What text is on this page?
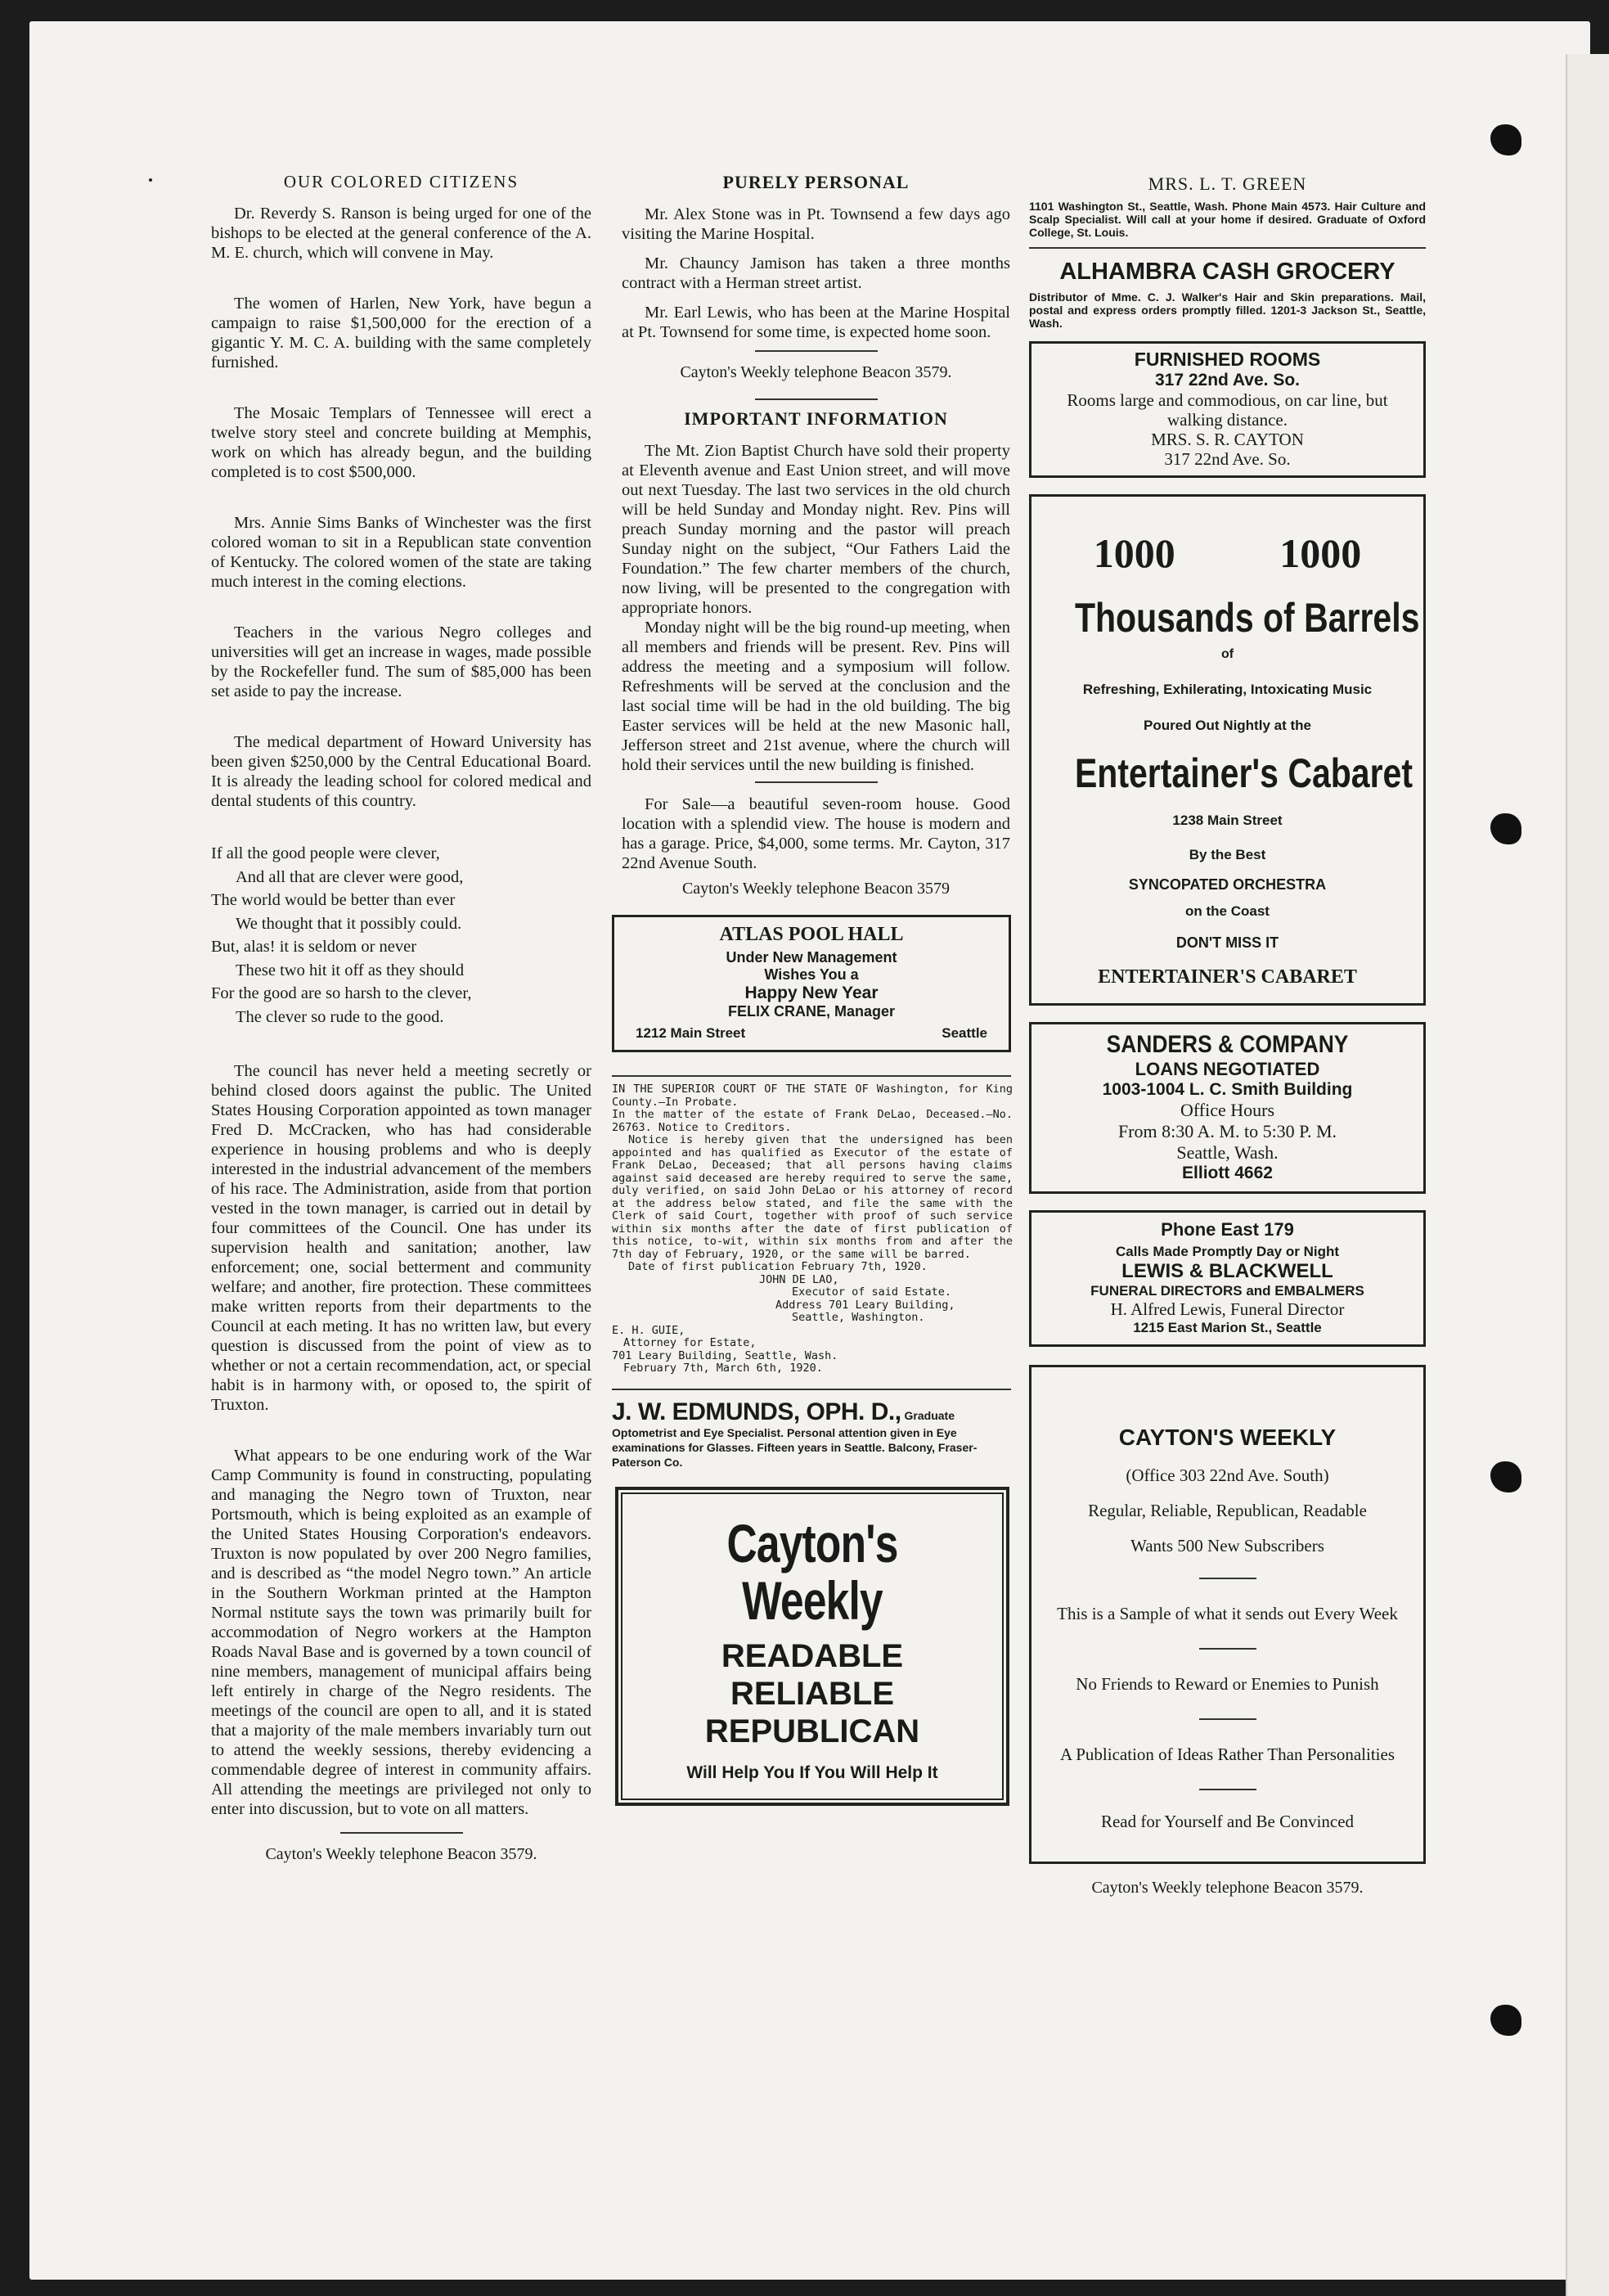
OUR COLORED CITIZENS

Dr. Reverdy S. Ranson is being urged for one of the bishops to be elected at the general conference of the A. M. E. church, which will convene in May.

The women of Harlen, New York, have begun a campaign to raise $1,500,000 for the erection of a gigantic Y. M. C. A. building with the same completely furnished.

The Mosaic Templars of Tennessee will erect a twelve story steel and concrete building at Memphis, work on which has already begun, and the building completed is to cost $500,000.

Mrs. Annie Sims Banks of Winchester was the first colored woman to sit in a Republican state convention of Kentucky. The colored women of the state are taking much interest in the coming elections.

Teachers in the various Negro colleges and universities will get an increase in wages, made possible by the Rockefeller fund. The sum of $85,000 has been set aside to pay the increase.

The medical department of Howard University has been given $250,000 by the Central Educational Board. It is already the leading school for colored medical and dental students of this country.

If all the good people were clever,
And all that are clever were good,
The world would be better than ever
We thought that it possibly could.
But, alas! it is seldom or never
These two hit it off as they should
For the good are so harsh to the clever,
The clever so rude to the good.

The council has never held a meeting secretly or behind closed doors against the public. The United States Housing Corporation appointed as town manager Fred D. McCracken, who has had considerable experience in housing problems and who is deeply interested in the industrial advancement of the members of his race. The Administration, aside from that portion vested in the town manager, is carried out in detail by four committees of the Council. One has under its supervision health and sanitation; another, law enforcement; one, social betterment and community welfare; and another, fire protection. These committees make written reports from their departments to the Council at each meting. It has no written law, but every question is discussed from the point of view as to whether or not a certain recommendation, act, or special habit is in harmony with, or oposed to, the spirit of Truxton.

What appears to be one enduring work of the War Camp Community is found in constructing, populating and managing the Negro town of Truxton, near Portsmouth, which is being exploited as an example of the United States Housing Corporation's endeavors. Truxton is now populated by over 200 Negro families, and is described as “the model Negro town.” An article in the Southern Workman printed at the Hampton Normal nstitute says the town was primarily built for accommodation of Negro workers at the Hampton Roads Naval Base and is governed by a town council of nine members, management of municipal affairs being left entirely in charge of the Negro residents. The meetings of the council are open to all, and it is stated that a majority of the male members invariably turn out to attend the weekly sessions, thereby evidencing a commendable degree of interest in community affairs. All attending the meetings are privileged not only to enter into discussion, but to vote on all matters.

Cayton's Weekly telephone Beacon 3579.
PURELY PERSONAL

Mr. Alex Stone was in Pt. Townsend a few days ago visiting the Marine Hospital.

Mr. Chauncy Jamison has taken a three months contract with a Herman street artist.

Mr. Earl Lewis, who has been at the Marine Hospital at Pt. Townsend for some time, is expected home soon.

Cayton's Weekly telephone Beacon 3579.
IMPORTANT INFORMATION

The Mt. Zion Baptist Church have sold their property at Eleventh avenue and East Union street, and will move out next Tuesday. The last two services in the old church will be held Sunday and Monday night. Rev. Pins will preach Sunday morning and the pastor will preach Sunday night on the subject, “Our Fathers Laid the Foundation.” The few charter members of the church, now living, will be presented to the congregation with appropriate honors.

Monday night will be the big round-up meeting, when all members and friends will be present. Rev. Pins will address the meeting and a symposium will follow. Refreshments will be served at the conclusion and the last social time will be had in the old building. The big Easter services will be held at the new Masonic hall, Jefferson street and 21st avenue, where the church will hold their services until the new building is finished.

For Sale—a beautiful seven-room house. Good location with a splendid view. The house is modern and has a garage. Price, $4,000, some terms. Mr. Cayton, 317 22nd Avenue South.

Cayton's Weekly telephone Beacon 3579
ATLAS POOL HALL
Under New Management
Wishes You a
Happy New Year
FELIX CRANE, Manager
1212 Main Street	Seattle
IN THE SUPERIOR COURT OF THE STATE OF Washington, for King County.—In Probate.
In the matter of the estate of Frank DeLao, Deceased.—No. 26763. Notice to Creditors.
Notice is hereby given that the undersigned has been appointed and has qualified as Executor of the estate of Frank DeLao, Deceased; that all persons having claims against said deceased are hereby required to serve the same, duly verified, on said John DeLao or his attorney of record at the address below stated, and file the same with the Clerk of said Court, together with proof of such service within six months after the date of first publication of this notice, to-wit, within six months from and after the 7th day of February, 1920, or the same will be barred.
Date of first publication February 7th, 1920.
JOHN DE LAO,
Executor of said Estate.
Address 701 Leary Building,
Seattle, Washington.
E. H. GUIE,
Attorney for Estate,
701 Leary Building, Seattle, Wash.
February 7th, March 6th, 1920.
J. W. EDMUNDS, OPH. D., Graduate Optometrist and Eye Specialist. Personal attention given in Eye examinations for Glasses. Fifteen years in Seattle. Balcony, Fraser-Paterson Co.
Cayton's Weekly
READABLE
RELIABLE
REPUBLICAN
Will Help You If You Will Help It
MRS. L. T. GREEN
1101 Washington St., Seattle, Wash. Phone Main 4573. Hair Culture and Scalp Specialist. Will call at your home if desired. Graduate of Oxford College, St. Louis.
ALHAMBRA CASH GROCERY
Distributor of Mme. C. J. Walker's Hair and Skin preparations. Mail, postal and express orders promptly filled. 1201-3 Jackson St., Seattle, Wash.
FURNISHED ROOMS
317 22nd Ave. So.
Rooms large and commodious, on car line, but walking distance.
MRS. S. R. CAYTON
317 22nd Ave. So.
1000	1000
Thousands of Barrels
of
Refreshing, Exhilerating, Intoxicating Music
Poured Out Nightly at the
Entertainer's Cabaret
1238 Main Street
By the Best
SYNCOPATED ORCHESTRA
on the Coast
DON'T MISS IT
ENTERTAINER'S CABARET
SANDERS & COMPANY
LOANS NEGOTIATED
1003-1004 L. C. Smith Building
Office Hours
From 8:30 A. M. to 5:30 P. M.
Seattle, Wash.
Elliott 4662
Phone East 179
Calls Made Promptly Day or Night
LEWIS & BLACKWELL
FUNERAL DIRECTORS and EMBALMERS
H. Alfred Lewis, Funeral Director
1215 East Marion St., Seattle
CAYTON'S WEEKLY
(Office 303 22nd Ave. South)
Regular, Reliable, Republican, Readable
Wants 500 New Subscribers
This is a Sample of what it sends out Every Week
No Friends to Reward or Enemies to Punish
A Publication of Ideas Rather Than Personalities
Read for Yourself and Be Convinced
Cayton's Weekly telephone Beacon 3579.
